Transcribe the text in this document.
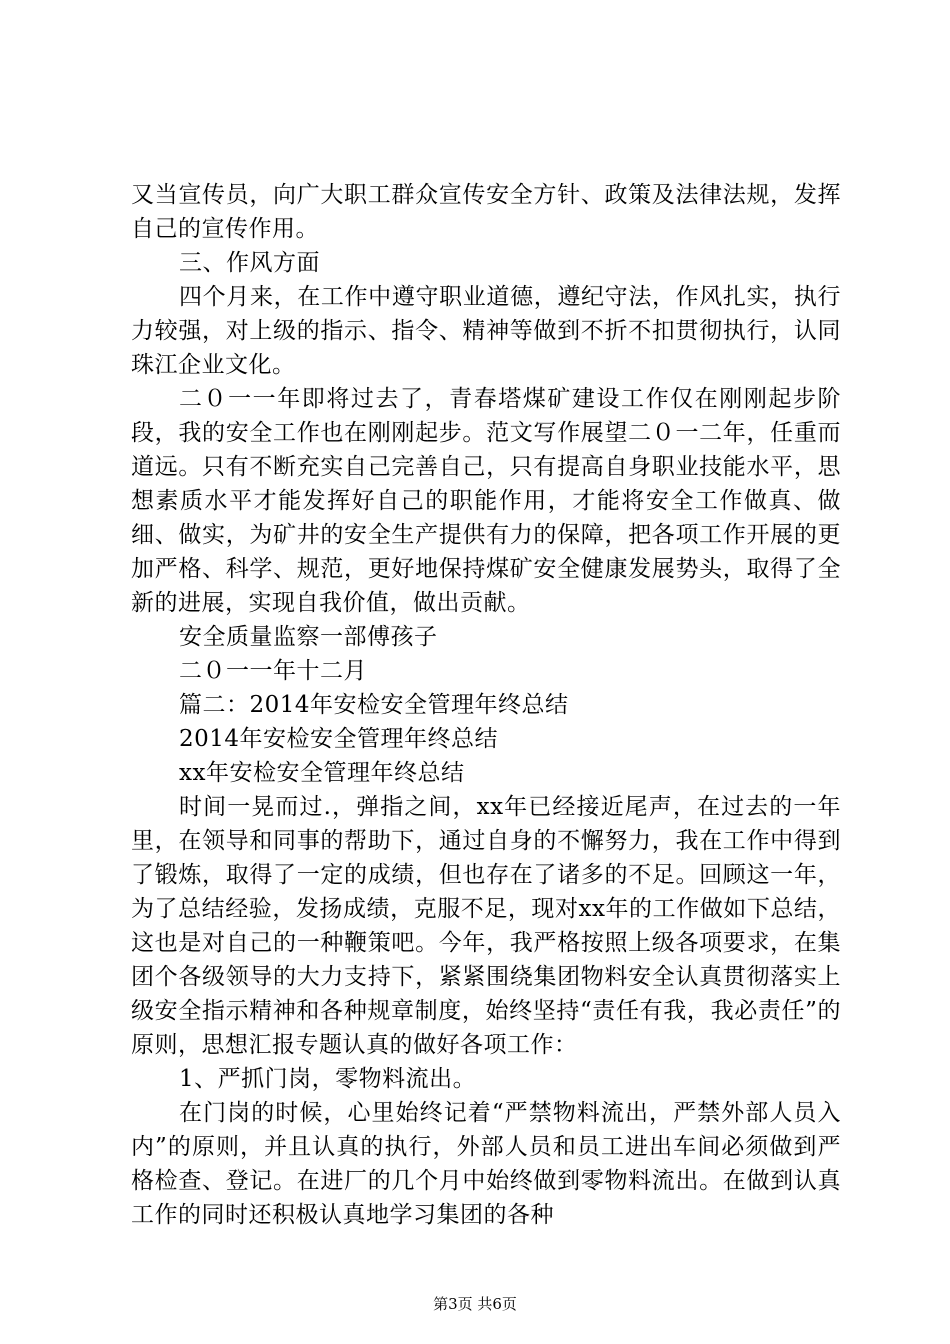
又当宣传员，向广大职工群众宣传安全方针、政策及法律法规，发挥自己的宣传作用。

三、作风方面

四个月来，在工作中遵守职业道德，遵纪守法，作风扎实，执行力较强，对上级的指示、指令、精神等做到不折不扣贯彻执行，认同珠江企业文化。

二０一一年即将过去了，青春塔煤矿建设工作仅在刚刚起步阶段，我的安全工作也在刚刚起步。范文写作展望二０一二年，任重而道远。只有不断充实自己完善自己，只有提高自身职业技能水平，思想素质水平才能发挥好自己的职能作用，才能将安全工作做真、做细、做实，为矿井的安全生产提供有力的保障，把各项工作开展的更加严格、科学、规范，更好地保持煤矿安全健康发展势头，取得了全新的进展，实现自我价值，做出贡献。

安全质量监察一部傅孩子

二０一一年十二月

篇二：2014年安检安全管理年终总结

2014年安检安全管理年终总结

xx年安检安全管理年终总结

时间一晃而过.，弹指之间，xx年已经接近尾声，在过去的一年里，在领导和同事的帮助下，通过自身的不懈努力，我在工作中得到了锻炼，取得了一定的成绩，但也存在了诸多的不足。回顾这一年，为了总结经验，发扬成绩，克服不足，现对xx年的工作做如下总结，这也是对自己的一种鞭策吧。今年，我严格按照上级各项要求，在集团个各级领导的大力支持下，紧紧围绕集团物料安全认真贯彻落实上级安全指示精神和各种规章制度，始终坚持“责任有我，我必责任”的原则，思想汇报专题认真的做好各项工作：

1、严抓门岗，零物料流出。

在门岗的时候，心里始终记着“严禁物料流出，严禁外部人员入内”的原则，并且认真的执行，外部人员和员工进出车间必须做到严格检查、登记。在进厂的几个月中始终做到零物料流出。在做到认真工作的同时还积极认真地学习集团的各种

第3页 共6页
